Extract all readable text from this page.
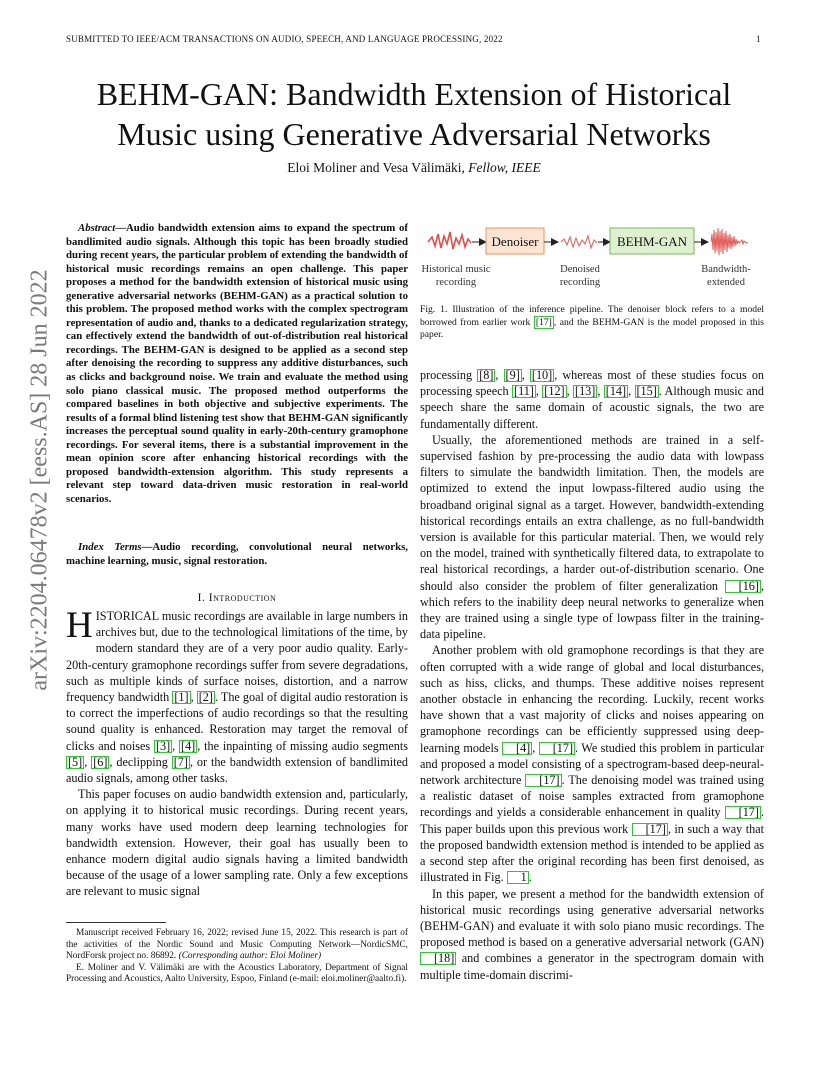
SUBMITTED TO IEEE/ACM TRANSACTIONS ON AUDIO, SPEECH, AND LANGUAGE PROCESSING, 2022	1
arXiv:2204.06478v2 [eess.AS] 28 Jun 2022
BEHM-GAN: Bandwidth Extension of Historical
Music using Generative Adversarial Networks
Eloi Moliner and Vesa Välimäki, Fellow, IEEE

Abstract—Audio bandwidth extension aims to expand the spectrum of bandlimited audio signals. Although this topic has been broadly studied during recent years, the particular problem of extending the bandwidth of historical music recordings remains an open challenge. This paper proposes a method for the bandwidth extension of historical music using generative adversarial networks (BEHM-GAN) as a practical solution to this problem. The proposed method works with the complex spectrogram representation of audio and, thanks to a dedicated regularization strategy, can effectively extend the bandwidth of out-of-distribution real historical recordings. The BEHM-GAN is designed to be applied as a second step after denoising the recording to suppress any additive disturbances, such as clicks and background noise. We train and evaluate the method using solo piano classical music. The proposed method outperforms the compared baselines in both objective and subjective experiments. The results of a formal blind listening test show that BEHM-GAN significantly increases the perceptual sound quality in early-20th-century gramophone recordings. For several items, there is a substantial improvement in the mean opinion score after enhancing historical recordings with the proposed bandwidth-extension algorithm. This study represents a relevant step toward data-driven music restoration in real-world scenarios.

Index Terms—Audio recording, convolutional neural networks, machine learning, music, signal restoration.

I. Introduction

HISTORICAL music recordings are available in large numbers in archives but, due to the technological limitations of the time, by modern standard they are of a very poor audio quality. Early-20th-century gramophone recordings suffer from severe degradations, such as multiple kinds of surface noises, distortion, and a narrow frequency bandwidth [1] , [2] . The goal of digital audio restoration is to correct the imperfections of audio recordings so that the resulting sound quality is enhanced. Restoration may target the removal of clicks and noises [3] , [4] , the inpainting of missing audio segments [5] , [6] , declipping [7] , or the bandwidth extension of bandlimited audio signals, among other tasks.

This paper focuses on audio bandwidth extension and, particularly, on applying it to historical music recordings. During recent years, many works have used modern deep learning technologies for bandwidth extension. However, their goal has usually been to enhance modern digital audio signals having a limited bandwidth because of the usage of a lower sampling rate. Only a few exceptions are relevant to music signal

Manuscript received February 16, 2022; revised June 15, 2022. This research is part of the activities of the Nordic Sound and Music Computing Network—NordicSMC, NordForsk project no. 86892. (Corresponding author: Eloi Moliner)

E. Moliner and V. Välimäki are with the Acoustics Laboratory, Department of Signal Processing and Acoustics, Aalto University, Espoo, Finland (e-mail: eloi.moliner@aalto.fi).

Denoiser	BEHM-GAN
Historical music
recording
Denoised
recording
Bandwidth-
extended
Fig. 1. Illustration of the inference pipeline. The denoiser block refers to a model borrowed from earlier work [17] , and the BEHM-GAN is the model proposed in this paper.

processing [8] , [9] , [10] , whereas most of these studies focus on processing speech [11] , [12] , [13] , [14] , [15] . Although music and speech share the same domain of acoustic signals, the two are fundamentally different.

Usually, the aforementioned methods are trained in a self-supervised fashion by pre-processing the audio data with lowpass filters to simulate the bandwidth limitation. Then, the models are optimized to extend the input lowpass-filtered audio using the broadband original signal as a target. However, bandwidth-extending historical recordings entails an extra challenge, as no full-bandwidth version is available for this particular material. Then, we would rely on the model, trained with synthetically filtered data, to extrapolate to real historical recordings, a harder out-of-distribution scenario. One should also consider the problem of filter generalization [16] , which refers to the inability deep neural networks to generalize when they are trained using a single type of lowpass filter in the training-data pipeline.

Another problem with old gramophone recordings is that they are often corrupted with a wide range of global and local disturbances, such as hiss, clicks, and thumps. These additive noises represent another obstacle in enhancing the recording. Luckily, recent works have shown that a vast majority of clicks and noises appearing on gramophone recordings can be efficiently suppressed using deep-learning models [4] , [17] . We studied this problem in particular and proposed a model consisting of a spectrogram-based deep-neural-network architecture [17] . The denoising model was trained using a realistic dataset of noise samples extracted from gramophone recordings and yields a considerable enhancement in quality [17] . This paper builds upon this previous work [17] , in such a way that the proposed bandwidth extension method is intended to be applied as a second step after the original recording has been first denoised, as illustrated in Fig. 1 .

In this paper, we present a method for the bandwidth extension of historical music recordings using generative adversarial networks (BEHM-GAN) and evaluate it with solo piano music recordings. The proposed method is based on a generative adversarial network (GAN) [18] and combines a generator in the spectrogram domain with multiple time-domain discrimi-
